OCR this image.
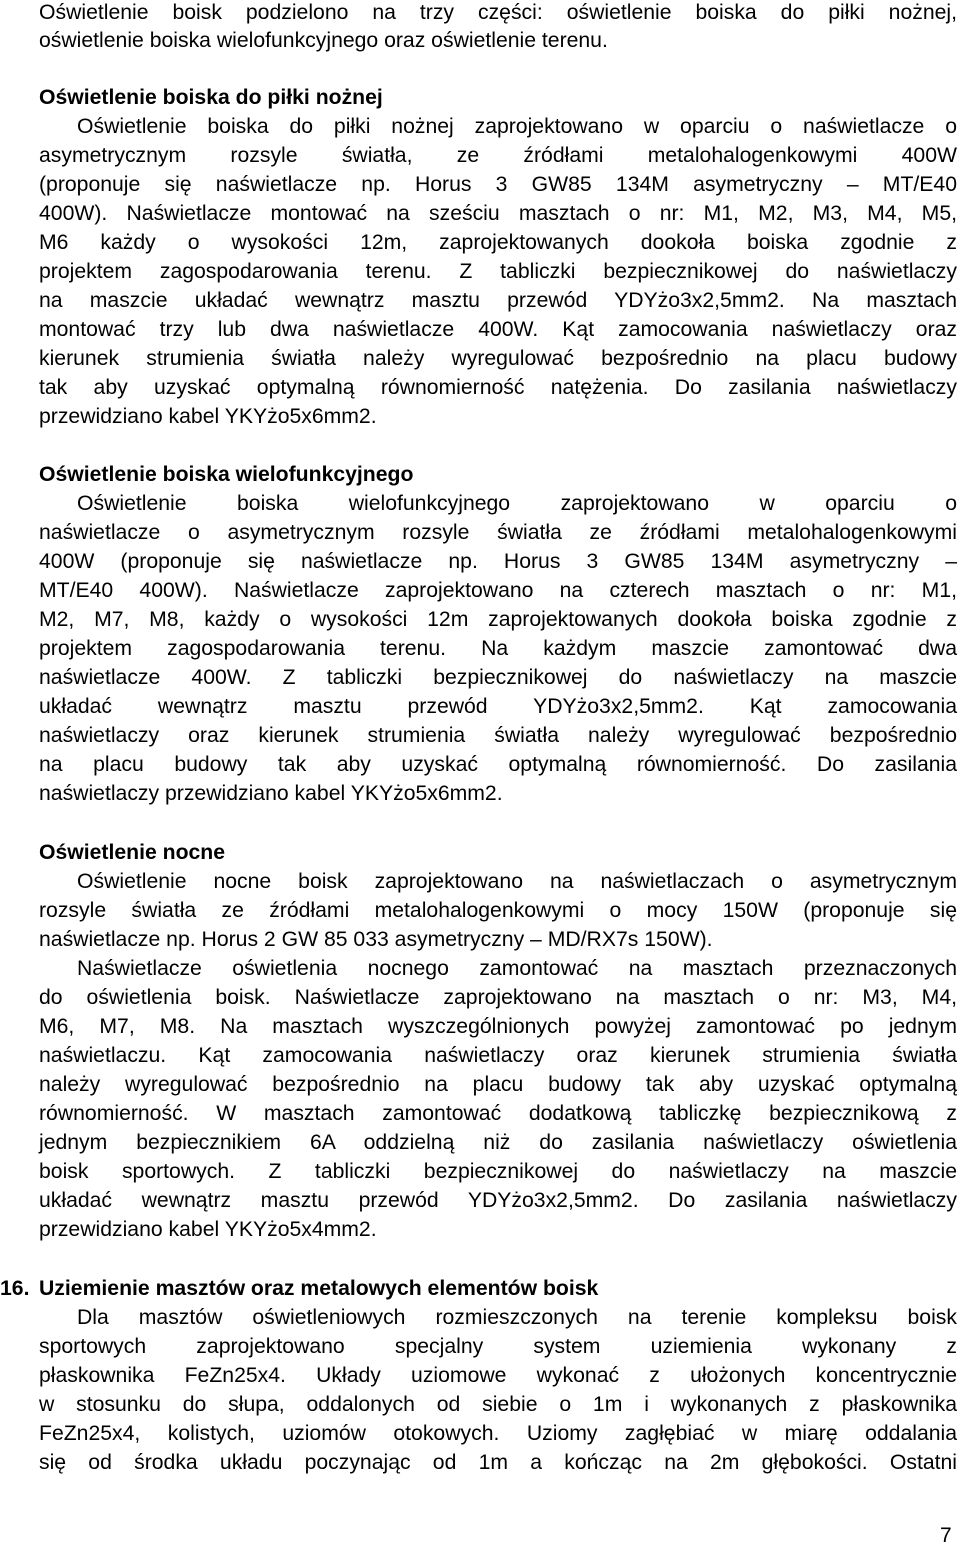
Oświetlenie boisk podzielono na trzy części: oświetlenie boiska do piłki nożnej,
oświetlenie boiska wielofunkcyjnego oraz oświetlenie terenu.
Oświetlenie boiska do piłki nożnej
Oświetlenie boiska do piłki nożnej zaprojektowano w oparciu o naświetlacze o
asymetrycznym rozsyle światła, ze źródłami metalohalogenkowymi 400W
(proponuje się naświetlacze np. Horus 3 GW85 134M asymetryczny – MT/E40
400W). Naświetlacze montować na sześciu masztach o nr: M1, M2, M3, M4, M5,
M6 każdy o wysokości 12m, zaprojektowanych dookoła boiska zgodnie z
projektem zagospodarowania terenu. Z tabliczki bezpiecznikowej do naświetlaczy
na maszcie układać wewnątrz masztu przewód YDYżo3x2,5mm2. Na masztach
montować trzy lub dwa naświetlacze 400W. Kąt zamocowania naświetlaczy oraz
kierunek strumienia światła należy wyregulować bezpośrednio na placu budowy
tak aby uzyskać optymalną równomierność natężenia. Do zasilania naświetlaczy
przewidziano kabel YKYżo5x6mm2.
Oświetlenie boiska wielofunkcyjnego
Oświetlenie boiska wielofunkcyjnego zaprojektowano w oparciu o
naświetlacze o asymetrycznym rozsyle światła ze źródłami metalohalogenkowymi
400W (proponuje się naświetlacze np. Horus 3 GW85 134M asymetryczny –
MT/E40 400W). Naświetlacze zaprojektowano na czterech masztach o nr: M1,
M2, M7, M8, każdy o wysokości 12m zaprojektowanych dookoła boiska zgodnie z
projektem zagospodarowania terenu. Na każdym maszcie zamontować dwa
naświetlacze 400W. Z tabliczki bezpiecznikowej do naświetlaczy na maszcie
układać wewnątrz masztu przewód YDYżo3x2,5mm2. Kąt zamocowania
naświetlaczy oraz kierunek strumienia światła należy wyregulować bezpośrednio
na placu budowy tak aby uzyskać optymalną równomierność. Do zasilania
naświetlaczy przewidziano kabel YKYżo5x6mm2.
Oświetlenie nocne
Oświetlenie nocne boisk zaprojektowano na naświetlaczach o asymetrycznym
rozsyle światła ze źródłami metalohalogenkowymi o mocy 150W (proponuje się
naświetlacze np. Horus 2 GW 85 033 asymetryczny – MD/RX7s 150W).
Naświetlacze oświetlenia nocnego zamontować na masztach przeznaczonych
do oświetlenia boisk. Naświetlacze zaprojektowano na masztach o nr: M3, M4,
M6, M7, M8. Na masztach wyszczególnionych powyżej zamontować po jednym
naświetlaczu. Kąt zamocowania naświetlaczy oraz kierunek strumienia światła
należy wyregulować bezpośrednio na placu budowy tak aby uzyskać optymalną
równomierność. W masztach zamontować dodatkową tabliczkę bezpiecznikową z
jednym bezpiecznikiem 6A oddzielną niż do zasilania naświetlaczy oświetlenia
boisk sportowych. Z tabliczki bezpiecznikowej do naświetlaczy na maszcie
układać wewnątrz masztu przewód YDYżo3x2,5mm2. Do zasilania naświetlaczy
przewidziano kabel YKYżo5x4mm2.
16. Uziemienie masztów oraz metalowych elementów boisk
Dla masztów oświetleniowych rozmieszczonych na terenie kompleksu boisk
sportowych zaprojektowano specjalny system uziemienia wykonany z
płaskownika FeZn25x4. Układy uziomowe wykonać z ułożonych koncentrycznie
w stosunku do słupa, oddalonych od siebie o 1m i wykonanych z płaskownika
FeZn25x4, kolistych, uziomów otokowych. Uziomy zagłębiać w miarę oddalania
się od środka układu poczynając od 1m a kończąc na 2m głębokości. Ostatni
7
